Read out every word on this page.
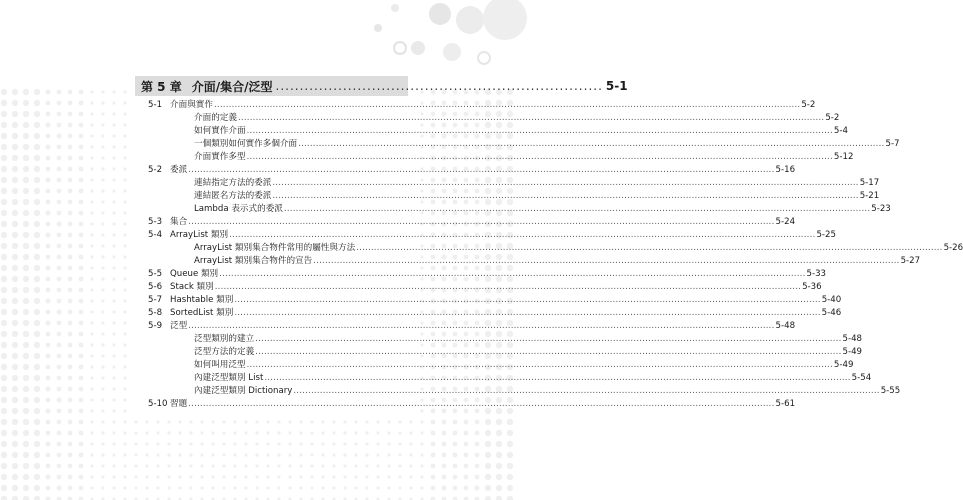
第 5 章 介面/集合/泛型 .................................................................... 5-1
5-1 介面與實作 ........................................................................................................................................................................................................ 5-2
介面的定義 ........................................................................................................................................................................................................ 5-2
如何實作介面 ........................................................................................................................................................................................................ 5-4
一個類別如何實作多個介面 ........................................................................................................................................................................................................ 5-7
介面實作多型 ........................................................................................................................................................................................................ 5-12
5-2 委派 ........................................................................................................................................................................................................ 5-16
連結指定方法的委派 ........................................................................................................................................................................................................ 5-17
連結匿名方法的委派 ........................................................................................................................................................................................................ 5-21
Lambda 表示式的委派 ........................................................................................................................................................................................................ 5-23
5-3 集合 ........................................................................................................................................................................................................ 5-24
5-4 ArrayList 類別 ........................................................................................................................................................................................................ 5-25
ArrayList 類別集合物件常用的屬性與方法 ........................................................................................................................................................................................................ 5-26
ArrayList 類別集合物件的宣告 ........................................................................................................................................................................................................ 5-27
5-5 Queue 類別 ........................................................................................................................................................................................................ 5-33
5-6 Stack 類別 ........................................................................................................................................................................................................ 5-36
5-7 Hashtable 類別 ........................................................................................................................................................................................................ 5-40
5-8 SortedList 類別 ........................................................................................................................................................................................................ 5-46
5-9 泛型 ........................................................................................................................................................................................................ 5-48
泛型類別的建立 ........................................................................................................................................................................................................ 5-48
泛型方法的定義 ........................................................................................................................................................................................................ 5-49
如何叫用泛型 ........................................................................................................................................................................................................ 5-49
內建泛型類別 List ........................................................................................................................................................................................................ 5-54
內建泛型類別 Dictionary ........................................................................................................................................................................................................ 5-55
5-10 習題 ........................................................................................................................................................................................................ 5-61
